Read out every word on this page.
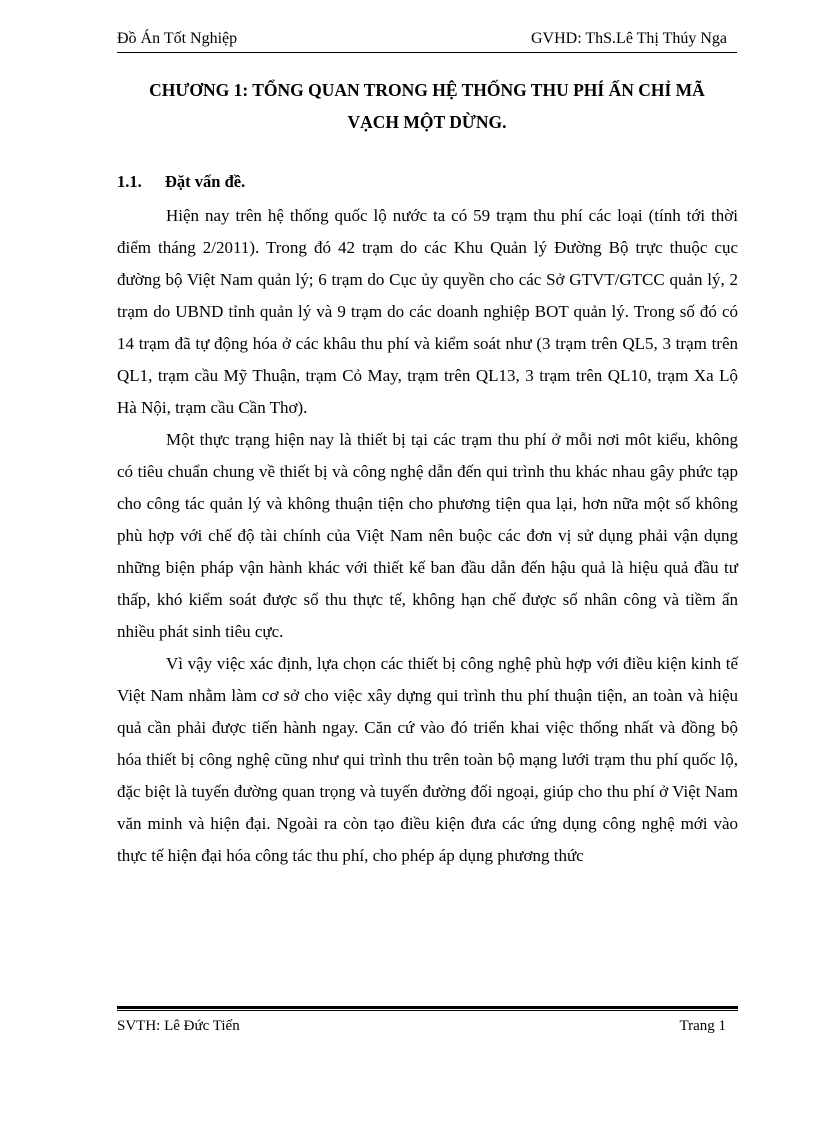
Đồ Án Tốt Nghiệp	GVHD: ThS.Lê Thị Thúy Nga
CHƯƠNG 1: TỔNG QUAN TRONG HỆ THỐNG THU PHÍ ẤN CHỈ MÃ
VẠCH MỘT DỪNG.
1.1. Đặt vấn đề.

Hiện nay trên hệ thống quốc lộ nước ta có 59 trạm thu phí các loại (tính tới thời điểm tháng 2/2011). Trong đó 42 trạm do các Khu Quản lý Đường Bộ trực thuộc cục đường bộ Việt Nam quản lý; 6 trạm do Cục ủy quyền cho các Sở GTVT/GTCC quản lý, 2 trạm do UBND tỉnh quản lý và 9 trạm do các doanh nghiệp BOT quản lý. Trong số đó có 14 trạm đã tự động hóa ở các khâu thu phí và kiểm soát như (3 trạm trên QL5, 3 trạm trên QL1, trạm cầu Mỹ Thuận, trạm Cỏ May, trạm trên QL13, 3 trạm trên QL10, trạm Xa Lộ Hà Nội, trạm cầu Cần Thơ).

Một thực trạng hiện nay là thiết bị tại các trạm thu phí ở mỗi nơi môt kiểu, không có tiêu chuẩn chung về thiết bị và công nghệ dẫn đến qui trình thu khác nhau gây phức tạp cho công tác quản lý và không thuận tiện cho phương tiện qua lại, hơn nữa một số không phù hợp với chế độ tài chính của Việt Nam nên buộc các đơn vị sử dụng phải vận dụng những biện pháp vận hành khác với thiết kế ban đầu dẫn đến hậu quả là hiệu quả đầu tư thấp, khó kiểm soát được số thu thực tế, không hạn chế được số nhân công và tiềm ẩn nhiều phát sinh tiêu cực.

Vì vậy việc xác định, lựa chọn các thiết bị công nghệ phù hợp với điều kiện kinh tế Việt Nam nhằm làm cơ sở cho việc xây dựng qui trình thu phí thuận tiện, an toàn và hiệu quả cần phải được tiến hành ngay. Căn cứ vào đó triển khai việc thống nhất và đồng bộ hóa thiết bị công nghệ cũng như qui trình thu trên toàn bộ mạng lưới trạm thu phí quốc lộ, đặc biệt là tuyến đường quan trọng và tuyến đường đối ngoại, giúp cho thu phí ở Việt Nam văn minh và hiện đại. Ngoài ra còn tạo điều kiện đưa các ứng dụng công nghệ mới vào thực tế hiện đại hóa công tác thu phí, cho phép áp dụng phương thức

SVTH: Lê Đức Tiến	Trang 1
